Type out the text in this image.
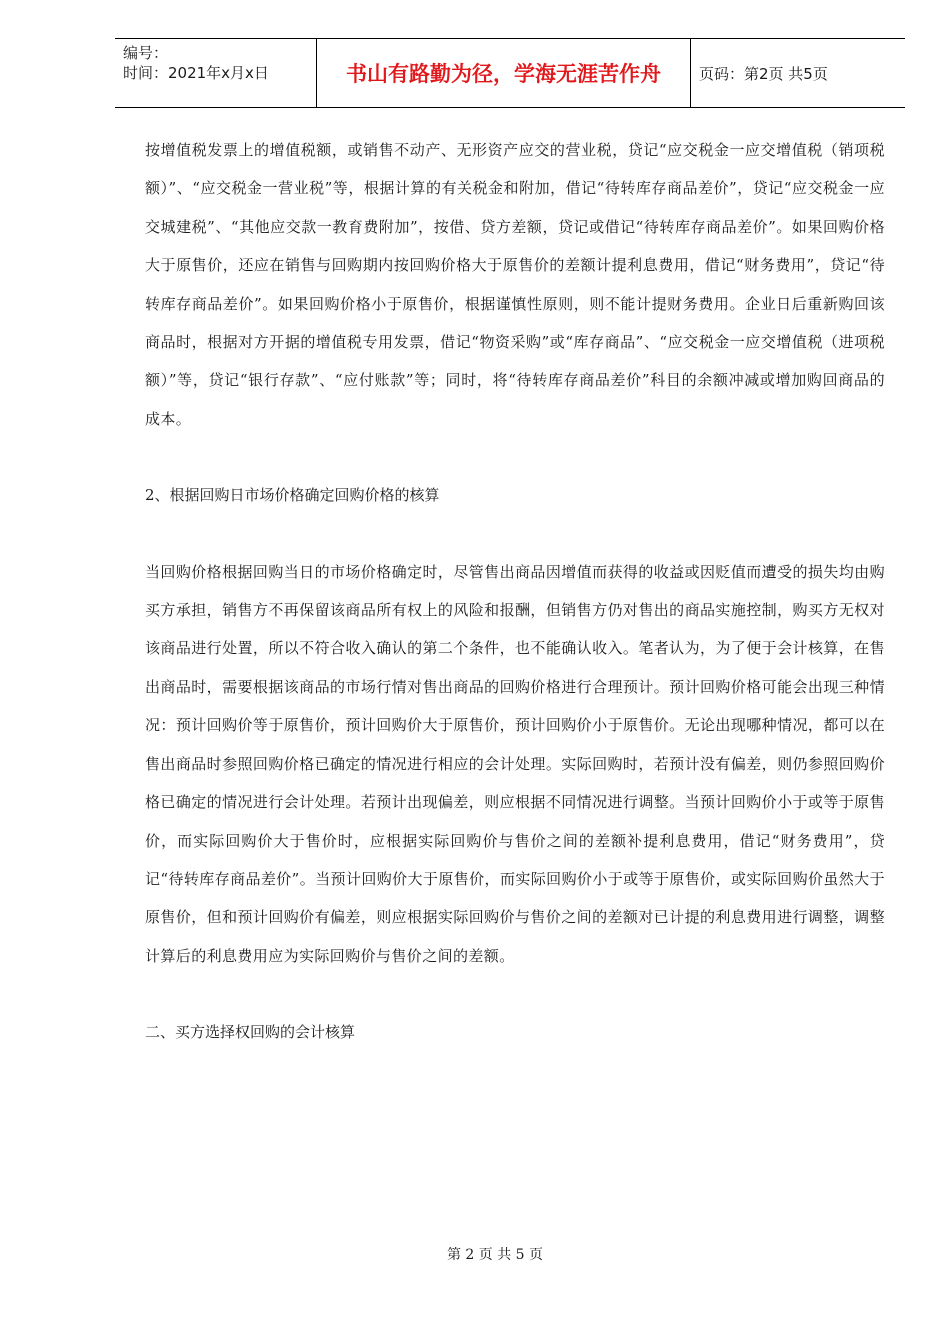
编号：
时间：2021年x月x日	书山有路勤为径，学海无涯苦作舟	页码：第2页 共5页

按增值税发票上的增值税额，或销售不动产、无形资产应交的营业税，贷记“应交税金一应交增值税（销项税额）”、“应交税金一营业税”等，根据计算的有关税金和附加，借记“待转库存商品差价”，贷记“应交税金一应交城建税”、“其他应交款一教育费附加”，按借、贷方差额，贷记或借记“待转库存商品差价”。如果回购价格大于原售价，还应在销售与回购期内按回购价格大于原售价的差额计提利息费用，借记“财务费用”，贷记“待转库存商品差价”。如果回购价格小于原售价，根据谨慎性原则，则不能计提财务费用。企业日后重新购回该商品时，根据对方开据的增值税专用发票，借记“物资采购”或“库存商品”、“应交税金一应交增值税（进项税额）”等，贷记“银行存款”、“应付账款”等；同时，将“待转库存商品差价”科目的余额冲减或增加购回商品的成本。

2、根据回购日市场价格确定回购价格的核算

当回购价格根据回购当日的市场价格确定时，尽管售出商品因增值而获得的收益或因贬值而遭受的损失均由购买方承担，销售方不再保留该商品所有权上的风险和报酬，但销售方仍对售出的商品实施控制，购买方无权对该商品进行处置，所以不符合收入确认的第二个条件，也不能确认收入。笔者认为，为了便于会计核算，在售出商品时，需要根据该商品的市场行情对售出商品的回购价格进行合理预计。预计回购价格可能会出现三种情况：预计回购价等于原售价，预计回购价大于原售价，预计回购价小于原售价。无论出现哪种情况，都可以在售出商品时参照回购价格已确定的情况进行相应的会计处理。实际回购时，若预计没有偏差，则仍参照回购价格已确定的情况进行会计处理。若预计出现偏差，则应根据不同情况进行调整。当预计回购价小于或等于原售价，而实际回购价大于售价时，应根据实际回购价与售价之间的差额补提利息费用，借记“财务费用”，贷记“待转库存商品差价”。当预计回购价大于原售价，而实际回购价小于或等于原售价，或实际回购价虽然大于原售价，但和预计回购价有偏差，则应根据实际回购价与售价之间的差额对已计提的利息费用进行调整，调整计算后的利息费用应为实际回购价与售价之间的差额。

二、买方选择权回购的会计核算

第 2 页 共 5 页
